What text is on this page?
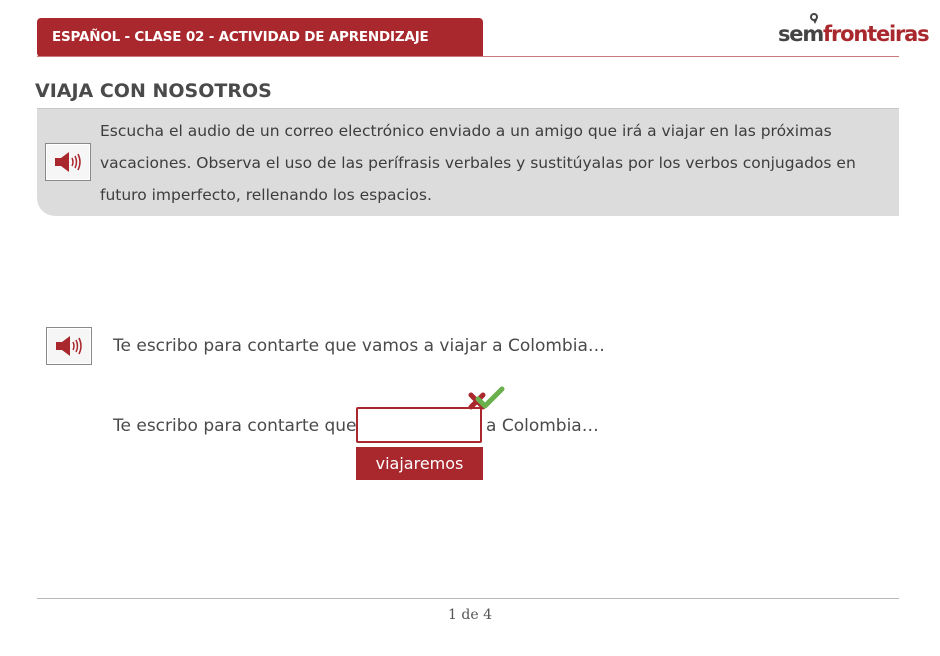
ESPAÑOL - CLASE 02 - ACTIVIDAD DE APRENDIZAJE	semfronteiras
VIAJA CON NOSOTROS
Escucha el audio de un correo electrónico enviado a un amigo que irá a viajar en las próximas vacaciones. Observa el uso de las perífrasis verbales y sustitúyalas por los verbos conjugados en futuro imperfecto, rellenando los espacios.
Te escribo para contarte que vamos a viajar a Colombia…
Te escribo para contarte que	a Colombia…
viajaremos
1 de 4
